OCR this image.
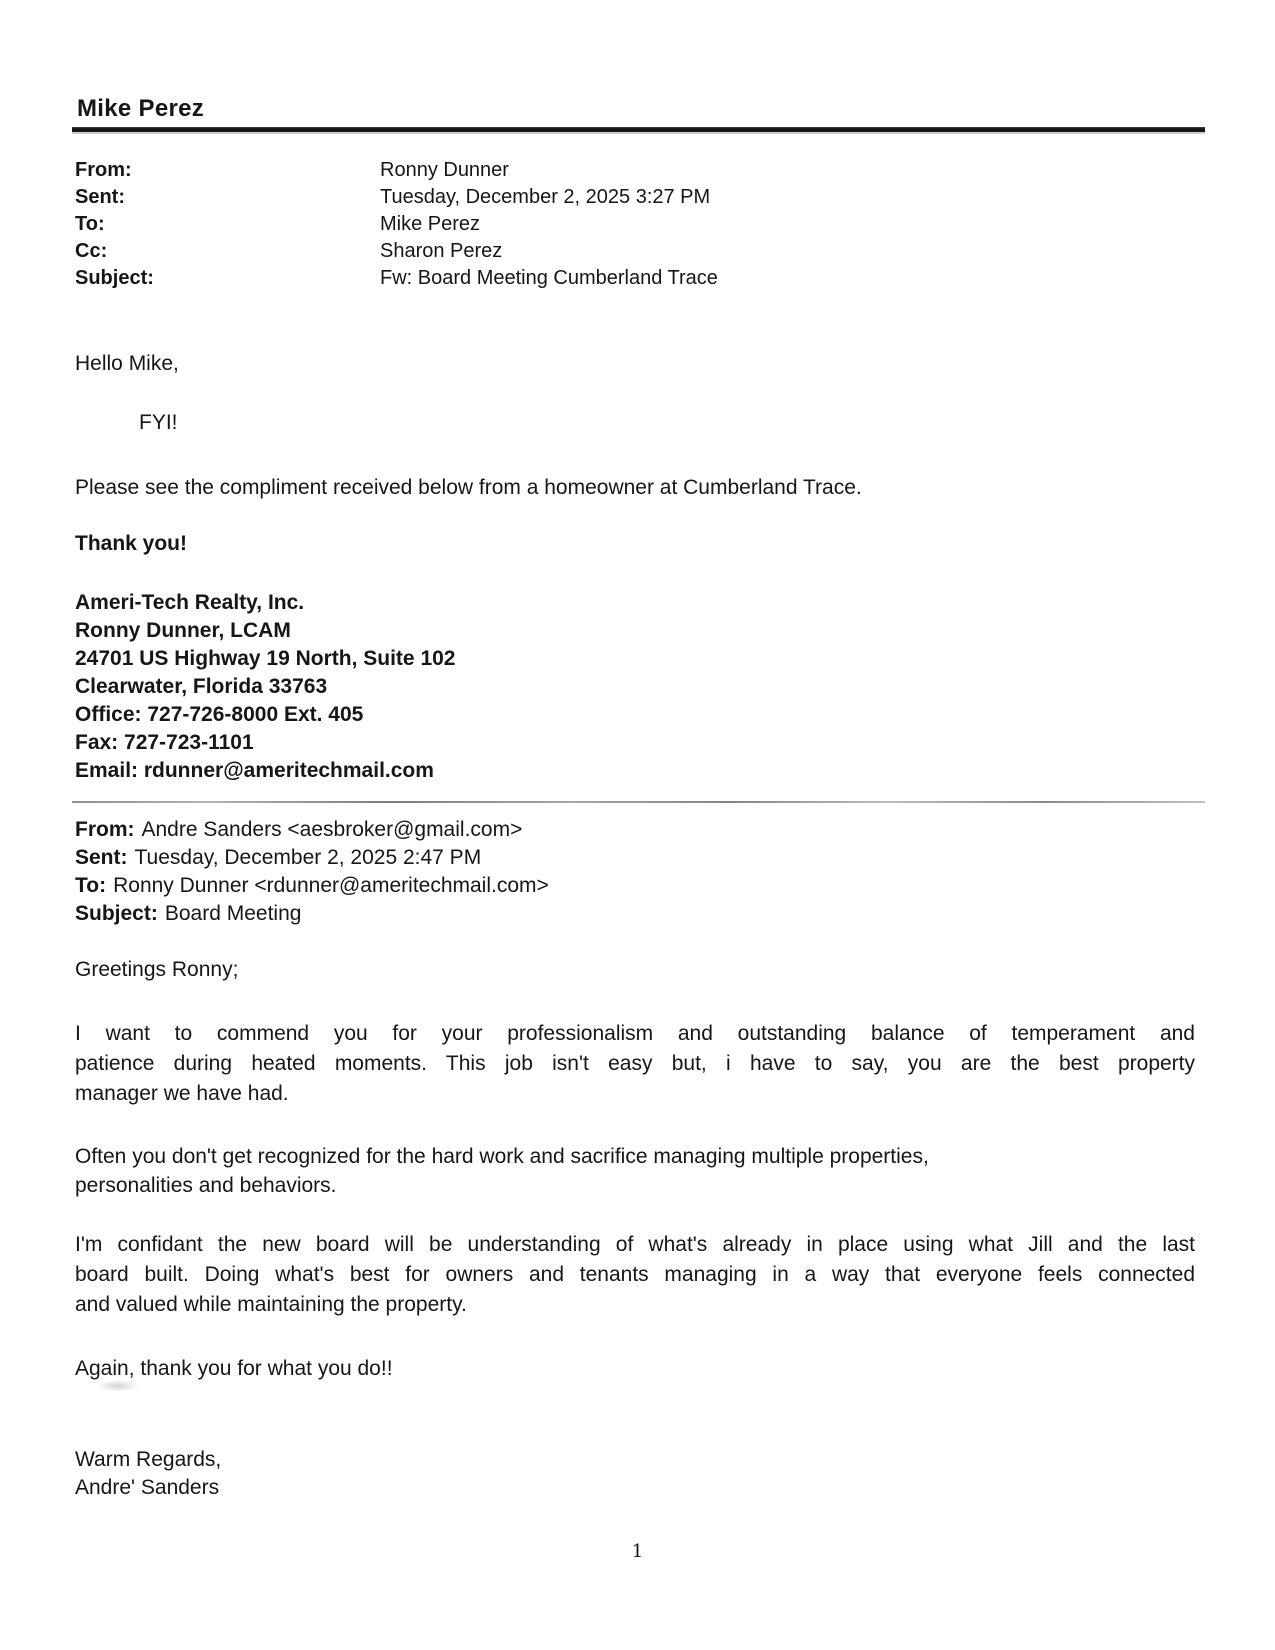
Mike Perez
From:	Ronny Dunner
Sent:	Tuesday, December 2, 2025 3:27 PM
To:	Mike Perez
Cc:	Sharon Perez
Subject:	Fw: Board Meeting Cumberland Trace
Hello Mike,
FYI!
Please see the compliment received below from a homeowner at Cumberland Trace.
Thank you!
Ameri-Tech Realty, Inc.
Ronny Dunner, LCAM
24701 US Highway 19 North, Suite 102
Clearwater, Florida 33763
Office: 727-726-8000 Ext. 405
Fax: 727-723-1101
Email: rdunner@ameritechmail.com
From: Andre Sanders <aesbroker@gmail.com>
Sent: Tuesday, December 2, 2025 2:47 PM
To: Ronny Dunner <rdunner@ameritechmail.com>
Subject: Board Meeting
Greetings Ronny;
I want to commend you for your professionalism and outstanding balance of temperament and
patience during heated moments. This job isn't easy but, i have to say, you are the best property
manager we have had.
Often you don't get recognized for the hard work and sacrifice managing multiple properties,
personalities and behaviors.
I'm confidant the new board will be understanding of what's already in place using what Jill and the last
board built. Doing what's best for owners and tenants managing in a way that everyone feels connected
and valued while maintaining the property.
Again, thank you for what you do!!
Warm Regards,
Andre' Sanders
1
